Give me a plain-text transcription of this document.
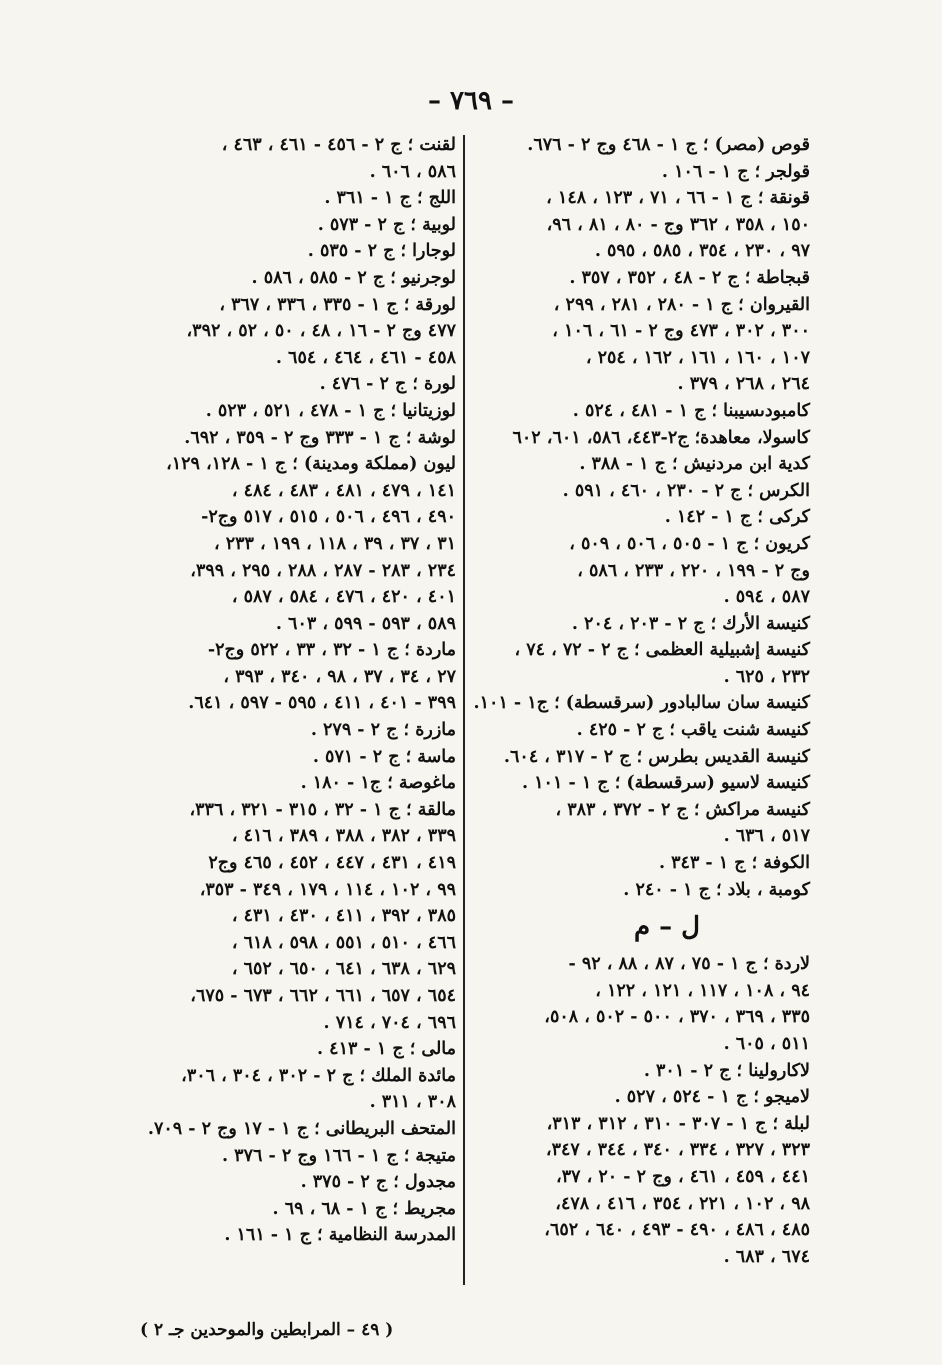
– ٧٦٩ –
قوص (مصر) ؛ ج ١ - ٤٦٨ وج ٢ - ٦٧٦.
قولجر ؛ ج ١ - ١٠٦ .
قونقة ؛ ج ١ - ٦٦ ، ٧١ ، ١٢٣ ، ١٤٨ ،
١٥٠ ، ٣٥٨ ، ٣٦٢ وج - ٨٠ ، ٨١ ، ٩٦،
٩٧ ، ٢٣٠ ، ٣٥٤ ، ٥٨٥ ، ٥٩٥ .
قبجاطة ؛ ج ٢ - ٤٨ ، ٣٥٢ ، ٣٥٧ .
القيروان ؛ ج ١ - ٢٨٠ ، ٢٨١ ، ٢٩٩ ،
٣٠٠ ، ٣٠٢ ، ٤٧٣ وج ٢ - ٦١ ، ١٠٦ ،
١٠٧ ، ١٦٠ ، ١٦١ ، ١٦٢ ، ٢٥٤ ،
٢٦٤ ، ٢٦٨ ، ٣٧٩ .
كامبودىسيبنا ؛ ج ١ - ٤٨١ ، ٥٢٤ .
كاسولا، معاهدة؛ ج٢-٤٤٣، ٥٨٦، ٦٠١، ٦٠٢
كدية ابن مردنيش ؛ ج ١ - ٣٨٨ .
الكرس ؛ ج ٢ - ٢٣٠ ، ٤٦٠ ، ٥٩١ .
كركى ؛ ج ١ - ١٤٢ .
كريون ؛ ج ١ - ٥٠٥ ، ٥٠٦ ، ٥٠٩ ،
وج ٢ - ١٩٩ ، ٢٢٠ ، ٢٣٣ ، ٥٨٦ ،
٥٨٧ ، ٥٩٤ .
كنيسة الأرك ؛ ج ٢ - ٢٠٣ ، ٢٠٤ .
كنيسة إشبيلية العظمى ؛ ج ٢ - ٧٢ ، ٧٤ ،
٢٣٢ ، ٦٢٥ .
كنيسة سان سالبادور (سرقسطة) ؛ ج١ - ١٠١.
كنيسة شنت ياقب ؛ ج ٢ - ٤٢٥ .
كنيسة القديس بطرس ؛ ج ٢ - ٣١٧ ، ٦٠٤.
كنيسة لاسيو (سرقسطة) ؛ ج ١ - ١٠١ .
كنيسة مراكش ؛ ج ٢ - ٣٧٢ ، ٣٨٣ ،
٥١٧ ، ٦٣٦ .
الكوفة ؛ ج ١ - ٣٤٣ .
كومبة ، بلاد ؛ ج ١ - ٢٤٠ .
ل – م
لاردة ؛ ج ١ - ٧٥ ، ٨٧ ، ٨٨ ، ٩٢ -
٩٤ ، ١٠٨ ، ١١٧ ، ١٢١ ، ١٢٢ ،
٣٣٥ ، ٣٦٩ ، ٣٧٠ ، ٥٠٠ - ٥٠٢ ، ٥٠٨،
٥١١ ، ٦٠٥ .
لاكارولينا ؛ ج ٢ - ٣٠١ .
لاميجو ؛ ج ١ - ٥٢٤ ، ٥٢٧ .
لبلة ؛ ج ١ - ٣٠٧ - ٣١٠ ، ٣١٢ ، ٣١٣،
٣٢٣ ، ٣٢٧ ، ٣٣٤ ، ٣٤٠ ، ٣٤٤ ، ٣٤٧،
٤٤١ ، ٤٥٩ ، ٤٦١ ، وج ٢ - ٢٠ ، ٣٧،
٩٨ ، ١٠٢ ، ٢٢١ ، ٣٥٤ ، ٤١٦ ، ٤٧٨،
٤٨٥ ، ٤٨٦ ، ٤٩٠ - ٤٩٣ ، ٦٤٠ ، ٦٥٢،
٦٧٤ ، ٦٨٣ .
لقنت ؛ ج ٢ - ٤٥٦ - ٤٦١ ، ٤٦٣ ،
٥٨٦ ، ٦٠٦ .
اللج ؛ ج ١ - ٣٦١ .
لوبية ؛ ج ٢ - ٥٧٣ .
لوجارا ؛ ج ٢ - ٥٣٥ .
لوجرنيو ؛ ج ٢ - ٥٨٥ ، ٥٨٦ .
لورقة ؛ ج ١ - ٣٣٥ ، ٣٣٦ ، ٣٦٧ ،
٤٧٧ وج ٢ - ١٦ ، ٤٨ ، ٥٠ ، ٥٢ ، ٣٩٢،
٤٥٨ - ٤٦١ ، ٤٦٤ ، ٦٥٤ .
لورة ؛ ج ٢ - ٤٧٦ .
لوزيتانيا ؛ ج ١ - ٤٧٨ ، ٥٢١ ، ٥٢٣ .
لوشة ؛ ج ١ - ٣٣٣ وج ٢ - ٣٥٩ ، ٦٩٢.
ليون (مملكة ومدينة) ؛ ج ١ - ١٢٨، ١٢٩،
١٤١ ، ٤٧٩ ، ٤٨١ ، ٤٨٣ ، ٤٨٤ ،
٤٩٠ ، ٤٩٦ ، ٥٠٦ ، ٥١٥ ، ٥١٧ وج٢-
٣١ ، ٣٧ ، ٣٩ ، ١١٨ ، ١٩٩ ، ٢٣٣ ،
٢٣٤ ، ٢٨٣ - ٢٨٧ ، ٢٨٨ ، ٢٩٥ ، ٣٩٩،
٤٠١ ، ٤٢٠ ، ٤٧٦ ، ٥٨٤ ، ٥٨٧ ،
٥٨٩ ، ٥٩٣ - ٥٩٩ ، ٦٠٣ .
ماردة ؛ ج ١ - ٣٢ ، ٣٣ ، ٥٢٢ وج٢-
٢٧ ، ٣٤ ، ٣٧ ، ٩٨ ، ٣٤٠ ، ٣٩٣ ،
٣٩٩ - ٤٠١ ، ٤١١ ، ٥٩٥ - ٥٩٧ ، ٦٤١.
مازرة ؛ ج ٢ - ٢٧٩ .
ماسة ؛ ج ٢ - ٥٧١ .
ماغوصة ؛ ج١ - ١٨٠ .
مالقة ؛ ج ١ - ٣٢ ، ٣١٥ - ٣٢١ ، ٣٣٦،
٣٣٩ ، ٣٨٢ ، ٣٨٨ ، ٣٨٩ ، ٤١٦ ،
٤١٩ ، ٤٣١ ، ٤٤٧ ، ٤٥٢ ، ٤٦٥ وج٢
٩٩ ، ١٠٢ ، ١١٤ ، ١٧٩ ، ٣٤٩ - ٣٥٣،
٣٨٥ ، ٣٩٢ ، ٤١١ ، ٤٣٠ ، ٤٣١ ،
٤٦٦ ، ٥١٠ ، ٥٥١ ، ٥٩٨ ، ٦١٨ ،
٦٢٩ ، ٦٣٨ ، ٦٤١ ، ٦٥٠ ، ٦٥٢ ،
٦٥٤ ، ٦٥٧ ، ٦٦١ ، ٦٦٢ ، ٦٧٣ - ٦٧٥،
٦٩٦ ، ٧٠٤ ، ٧١٤ .
مالى ؛ ج ١ - ٤١٣ .
مائدة الملك ؛ ج ٢ - ٣٠٢ ، ٣٠٤ ، ٣٠٦،
٣٠٨ ، ٣١١ .
المتحف البريطانى ؛ ج ١ - ١٧ وج ٢ - ٧٠٩.
متيجة ؛ ج ١ - ١٦٦ وج ٢ - ٣٧٦ .
مجدول ؛ ج ٢ - ٣٧٥ .
مجريط ؛ ج ١ - ٦٨ ، ٦٩ .
المدرسة النظامية ؛ ج ١ - ١٦١ .
( ٤٩ – المرابطين والموحدين جـ ٢ )
